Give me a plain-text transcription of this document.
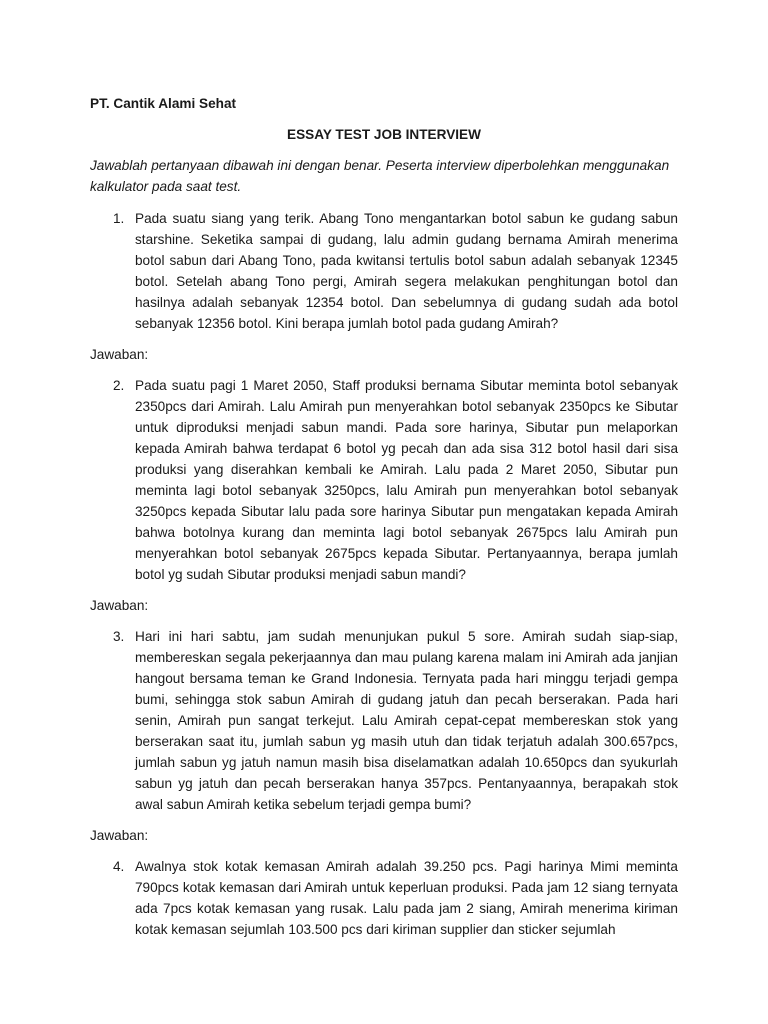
PT. Cantik Alami Sehat

ESSAY TEST JOB INTERVIEW

Jawablah pertanyaan dibawah ini dengan benar. Peserta interview diperbolehkan menggunakan kalkulator pada saat test.

1. Pada suatu siang yang terik. Abang Tono mengantarkan botol sabun ke gudang sabun starshine. Seketika sampai di gudang, lalu admin gudang bernama Amirah menerima botol sabun dari Abang Tono, pada kwitansi tertulis botol sabun adalah sebanyak 12345 botol. Setelah abang Tono pergi, Amirah segera melakukan penghitungan botol dan hasilnya adalah sebanyak 12354 botol. Dan sebelumnya di gudang sudah ada botol sebanyak 12356 botol. Kini berapa jumlah botol pada gudang Amirah?

Jawaban:

2. Pada suatu pagi 1 Maret 2050, Staff produksi bernama Sibutar meminta botol sebanyak 2350pcs dari Amirah. Lalu Amirah pun menyerahkan botol sebanyak 2350pcs ke Sibutar untuk diproduksi menjadi sabun mandi. Pada sore harinya, Sibutar pun melaporkan kepada Amirah bahwa terdapat 6 botol yg pecah dan ada sisa 312 botol hasil dari sisa produksi yang diserahkan kembali ke Amirah. Lalu pada 2 Maret 2050, Sibutar pun meminta lagi botol sebanyak 3250pcs, lalu Amirah pun menyerahkan botol sebanyak 3250pcs kepada Sibutar lalu pada sore harinya Sibutar pun mengatakan kepada Amirah bahwa botolnya kurang dan meminta lagi botol sebanyak 2675pcs lalu Amirah pun menyerahkan botol sebanyak 2675pcs kepada Sibutar. Pertanyaannya, berapa jumlah botol yg sudah Sibutar produksi menjadi sabun mandi?

Jawaban:

3. Hari ini hari sabtu, jam sudah menunjukan pukul 5 sore. Amirah sudah siap-siap, membereskan segala pekerjaannya dan mau pulang karena malam ini Amirah ada janjian hangout bersama teman ke Grand Indonesia. Ternyata pada hari minggu terjadi gempa bumi, sehingga stok sabun Amirah di gudang jatuh dan pecah berserakan. Pada hari senin, Amirah pun sangat terkejut. Lalu Amirah cepat-cepat membereskan stok yang berserakan saat itu, jumlah sabun yg masih utuh dan tidak terjatuh adalah 300.657pcs, jumlah sabun yg jatuh namun masih bisa diselamatkan adalah 10.650pcs dan syukurlah sabun yg jatuh dan pecah berserakan hanya 357pcs. Pentanyaannya, berapakah stok awal sabun Amirah ketika sebelum terjadi gempa bumi?

Jawaban:

4. Awalnya stok kotak kemasan Amirah adalah 39.250 pcs. Pagi harinya Mimi meminta 790pcs kotak kemasan dari Amirah untuk keperluan produksi. Pada jam 12 siang ternyata ada 7pcs kotak kemasan yang rusak. Lalu pada jam 2 siang, Amirah menerima kiriman kotak kemasan sejumlah 103.500 pcs dari kiriman supplier dan sticker sejumlah
